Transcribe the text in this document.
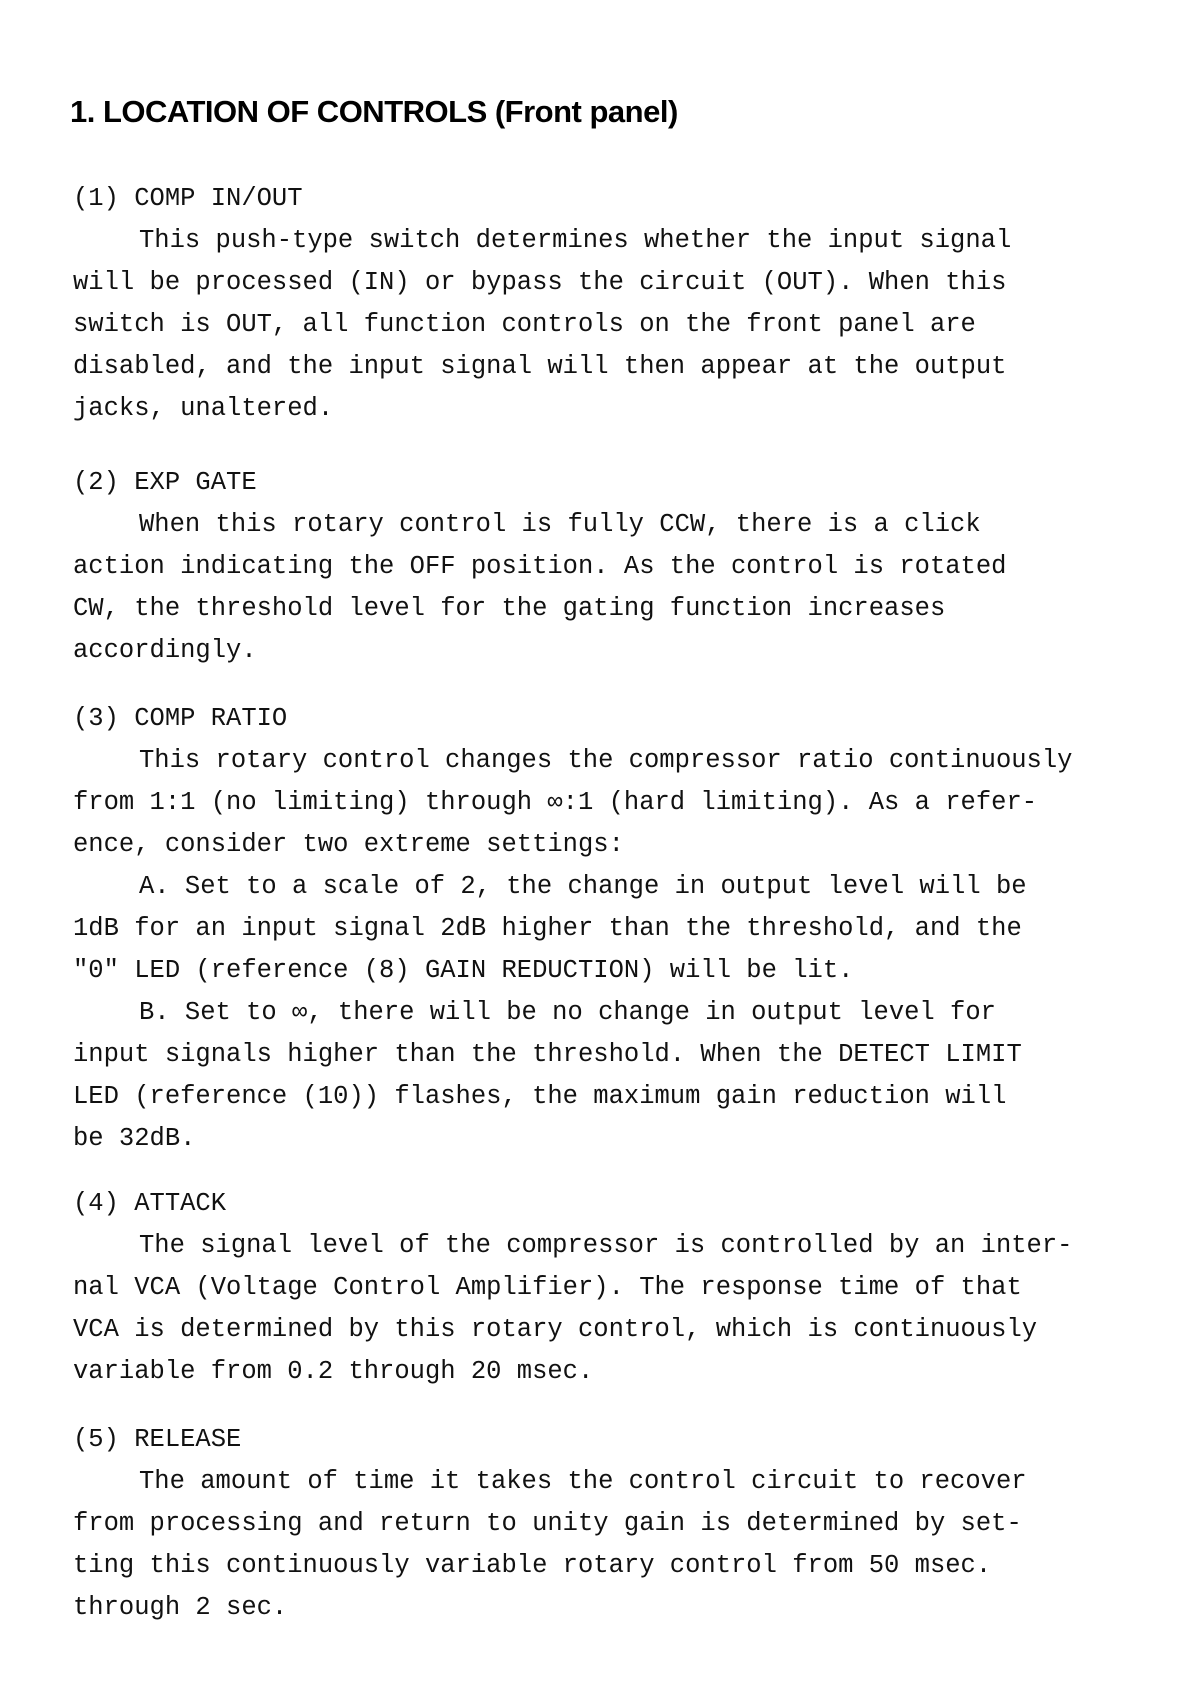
1. LOCATION OF CONTROLS (Front panel)
(1) COMP IN/OUT
This push-type switch determines whether the input signal
will be processed (IN) or bypass the circuit (OUT). When this
switch is OUT, all function controls on the front panel are
disabled, and the input signal will then appear at the output
jacks, unaltered.
(2) EXP GATE
When this rotary control is fully CCW, there is a click
action indicating the OFF position. As the control is rotated
CW, the threshold level for the gating function increases
accordingly.
(3) COMP RATIO
This rotary control changes the compressor ratio continuously
from 1:1 (no limiting) through ∞:1 (hard limiting). As a refer-
ence, consider two extreme settings:
A. Set to a scale of 2, the change in output level will be
1dB for an input signal 2dB higher than the threshold, and the
"0" LED (reference (8) GAIN REDUCTION) will be lit.
B. Set to ∞, there will be no change in output level for
input signals higher than the threshold. When the DETECT LIMIT
LED (reference (10)) flashes, the maximum gain reduction will
be 32dB.
(4) ATTACK
The signal level of the compressor is controlled by an inter-
nal VCA (Voltage Control Amplifier). The response time of that
VCA is determined by this rotary control, which is continuously
variable from 0.2 through 20 msec.
(5) RELEASE
The amount of time it takes the control circuit to recover
from processing and return to unity gain is determined by set-
ting this continuously variable rotary control from 50 msec.
through 2 sec.
